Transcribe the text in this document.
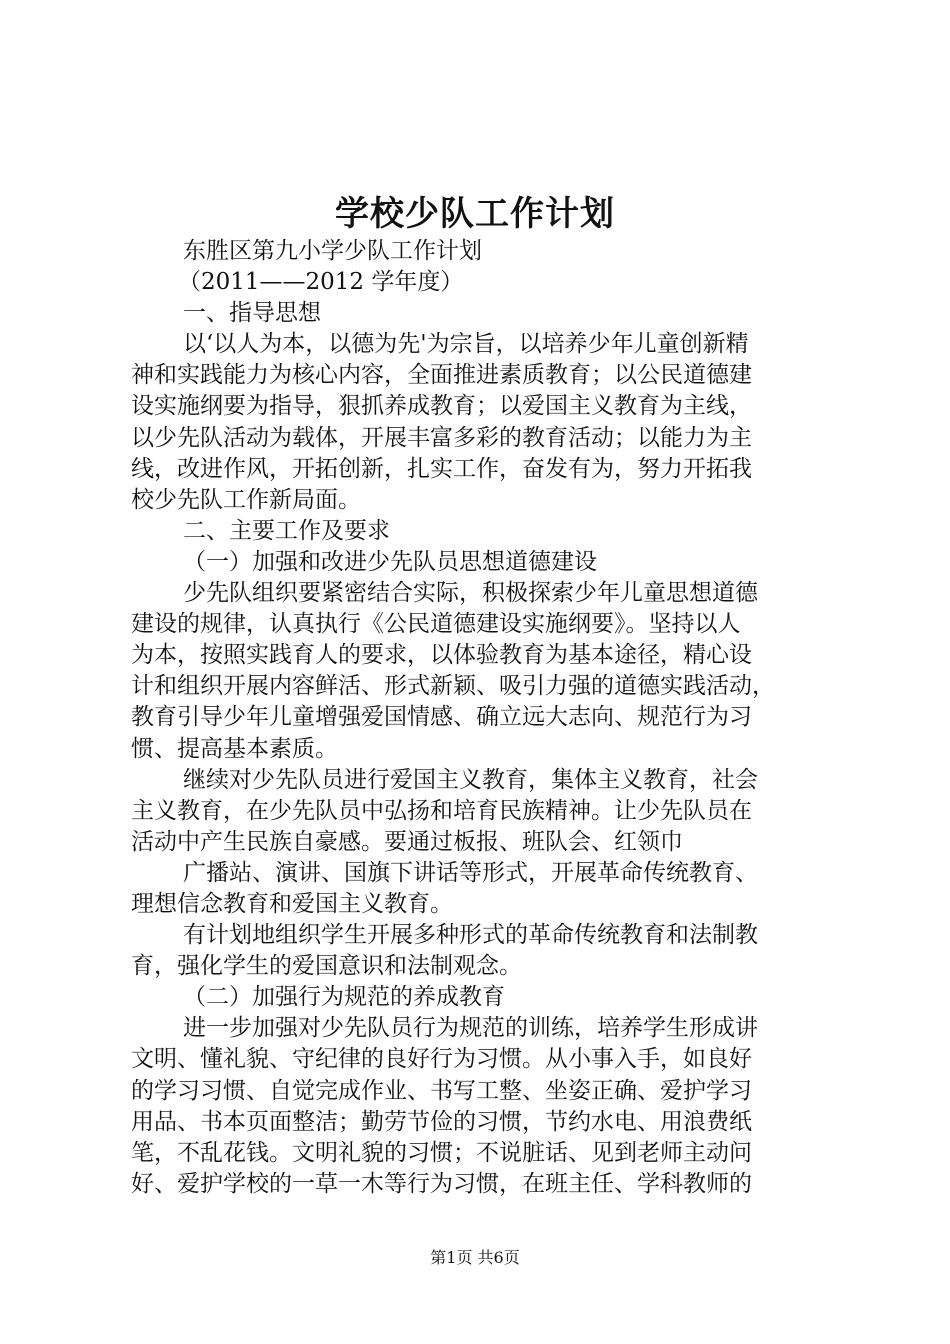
学校少队工作计划
东胜区第九小学少队工作计划
（2011——2012 学年度）
一、指导思想
以‘以人为本，以德为先'为宗旨，以培养少年儿童创新精
神和实践能力为核心内容，全面推进素质教育；以公民道德建
设实施纲要为指导，狠抓养成教育；以爱国主义教育为主线，
以少先队活动为载体，开展丰富多彩的教育活动；以能力为主
线，改进作风，开拓创新，扎实工作，奋发有为，努力开拓我
校少先队工作新局面。
二、主要工作及要求
（一）加强和改进少先队员思想道德建设
少先队组织要紧密结合实际，积极探索少年儿童思想道德
建设的规律，认真执行《公民道德建设实施纲要》。坚持以人
为本，按照实践育人的要求，以体验教育为基本途径，精心设
计和组织开展内容鲜活、形式新颖、吸引力强的道德实践活动，
教育引导少年儿童增强爱国情感、确立远大志向、规范行为习
惯、提高基本素质。
继续对少先队员进行爱国主义教育，集体主义教育，社会
主义教育，在少先队员中弘扬和培育民族精神。让少先队员在
活动中产生民族自豪感。要通过板报、班队会、红领巾
广播站、演讲、国旗下讲话等形式，开展革命传统教育、
理想信念教育和爱国主义教育。
有计划地组织学生开展多种形式的革命传统教育和法制教
育，强化学生的爱国意识和法制观念。
（二）加强行为规范的养成教育
进一步加强对少先队员行为规范的训练，培养学生形成讲
文明、懂礼貌、守纪律的良好行为习惯。从小事入手，如良好
的学习习惯、自觉完成作业、书写工整、坐姿正确、爱护学习
用品、书本页面整洁；勤劳节俭的习惯，节约水电、用浪费纸
笔，不乱花钱。文明礼貌的习惯；不说脏话、见到老师主动问
好、爱护学校的一草一木等行为习惯，在班主任、学科教师的
第1页 共6页
